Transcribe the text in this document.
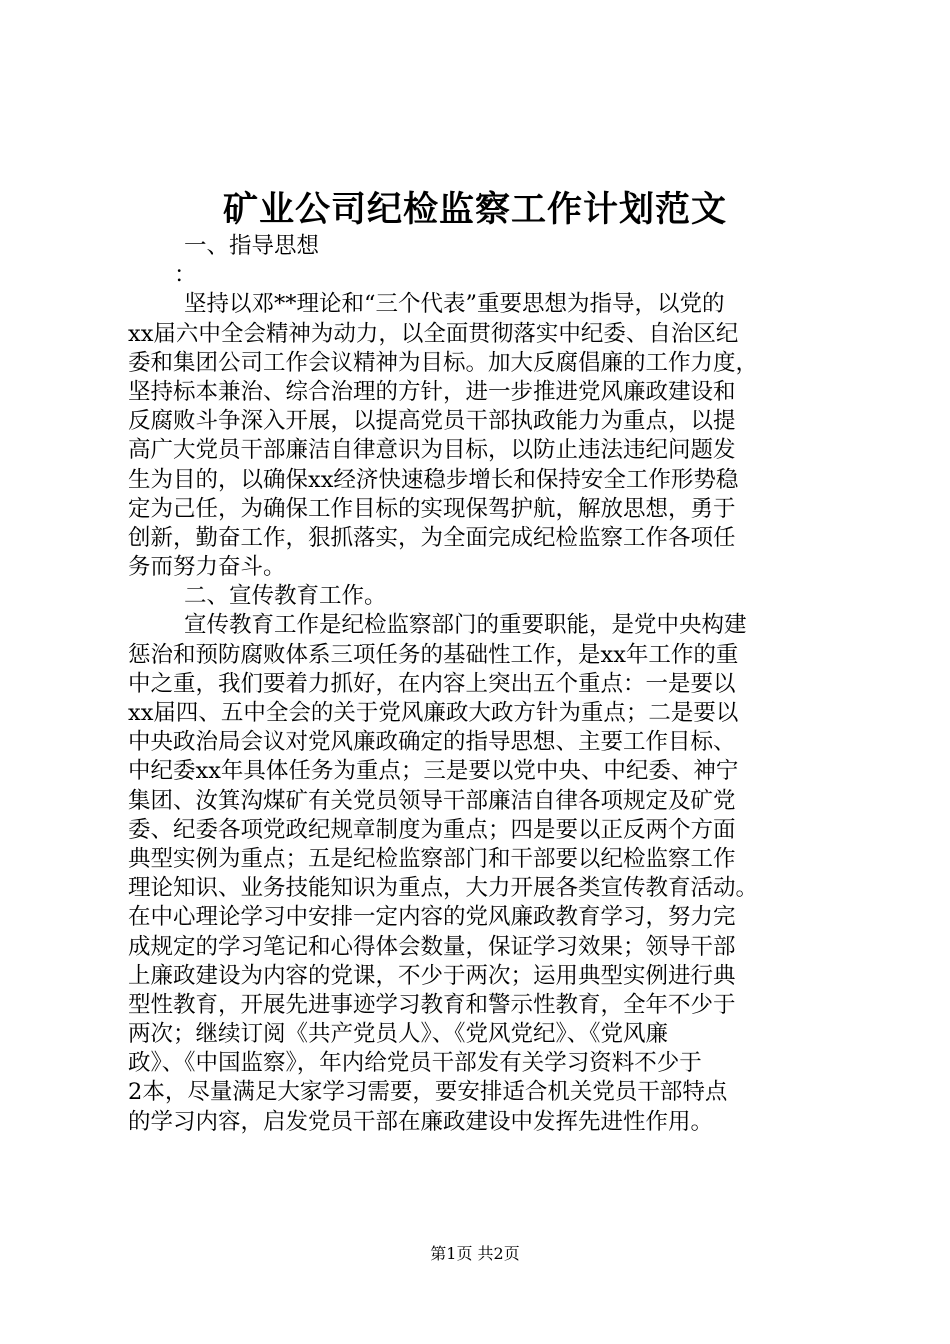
矿业公司纪检监察工作计划范文
一、指导思想
：
坚持以邓**理论和“三个代表”重要思想为指导，以党的
xx届六中全会精神为动力，以全面贯彻落实中纪委、自治区纪
委和集团公司工作会议精神为目标。加大反腐倡廉的工作力度，
坚持标本兼治、综合治理的方针，进一步推进党风廉政建设和
反腐败斗争深入开展，以提高党员干部执政能力为重点，以提
高广大党员干部廉洁自律意识为目标，以防止违法违纪问题发
生为目的，以确保xx经济快速稳步增长和保持安全工作形势稳
定为己任，为确保工作目标的实现保驾护航，解放思想，勇于
创新，勤奋工作，狠抓落实，为全面完成纪检监察工作各项任
务而努力奋斗。
二、宣传教育工作。
宣传教育工作是纪检监察部门的重要职能，是党中央构建
惩治和预防腐败体系三项任务的基础性工作，是xx年工作的重
中之重，我们要着力抓好，在内容上突出五个重点：一是要以
xx届四、五中全会的关于党风廉政大政方针为重点；二是要以
中央政治局会议对党风廉政确定的指导思想、主要工作目标、
中纪委xx年具体任务为重点；三是要以党中央、中纪委、神宁
集团、汝箕沟煤矿有关党员领导干部廉洁自律各项规定及矿党
委、纪委各项党政纪规章制度为重点；四是要以正反两个方面
典型实例为重点；五是纪检监察部门和干部要以纪检监察工作
理论知识、业务技能知识为重点，大力开展各类宣传教育活动。
在中心理论学习中安排一定内容的党风廉政教育学习，努力完
成规定的学习笔记和心得体会数量，保证学习效果；领导干部
上廉政建设为内容的党课，不少于两次；运用典型实例进行典
型性教育，开展先进事迹学习教育和警示性教育，全年不少于
两次；继续订阅《共产党员人》、《党风党纪》、《党风廉
政》、《中国监察》，年内给党员干部发有关学习资料不少于
2本，尽量满足大家学习需要，要安排适合机关党员干部特点
的学习内容，启发党员干部在廉政建设中发挥先进性作用。
第1页 共2页
